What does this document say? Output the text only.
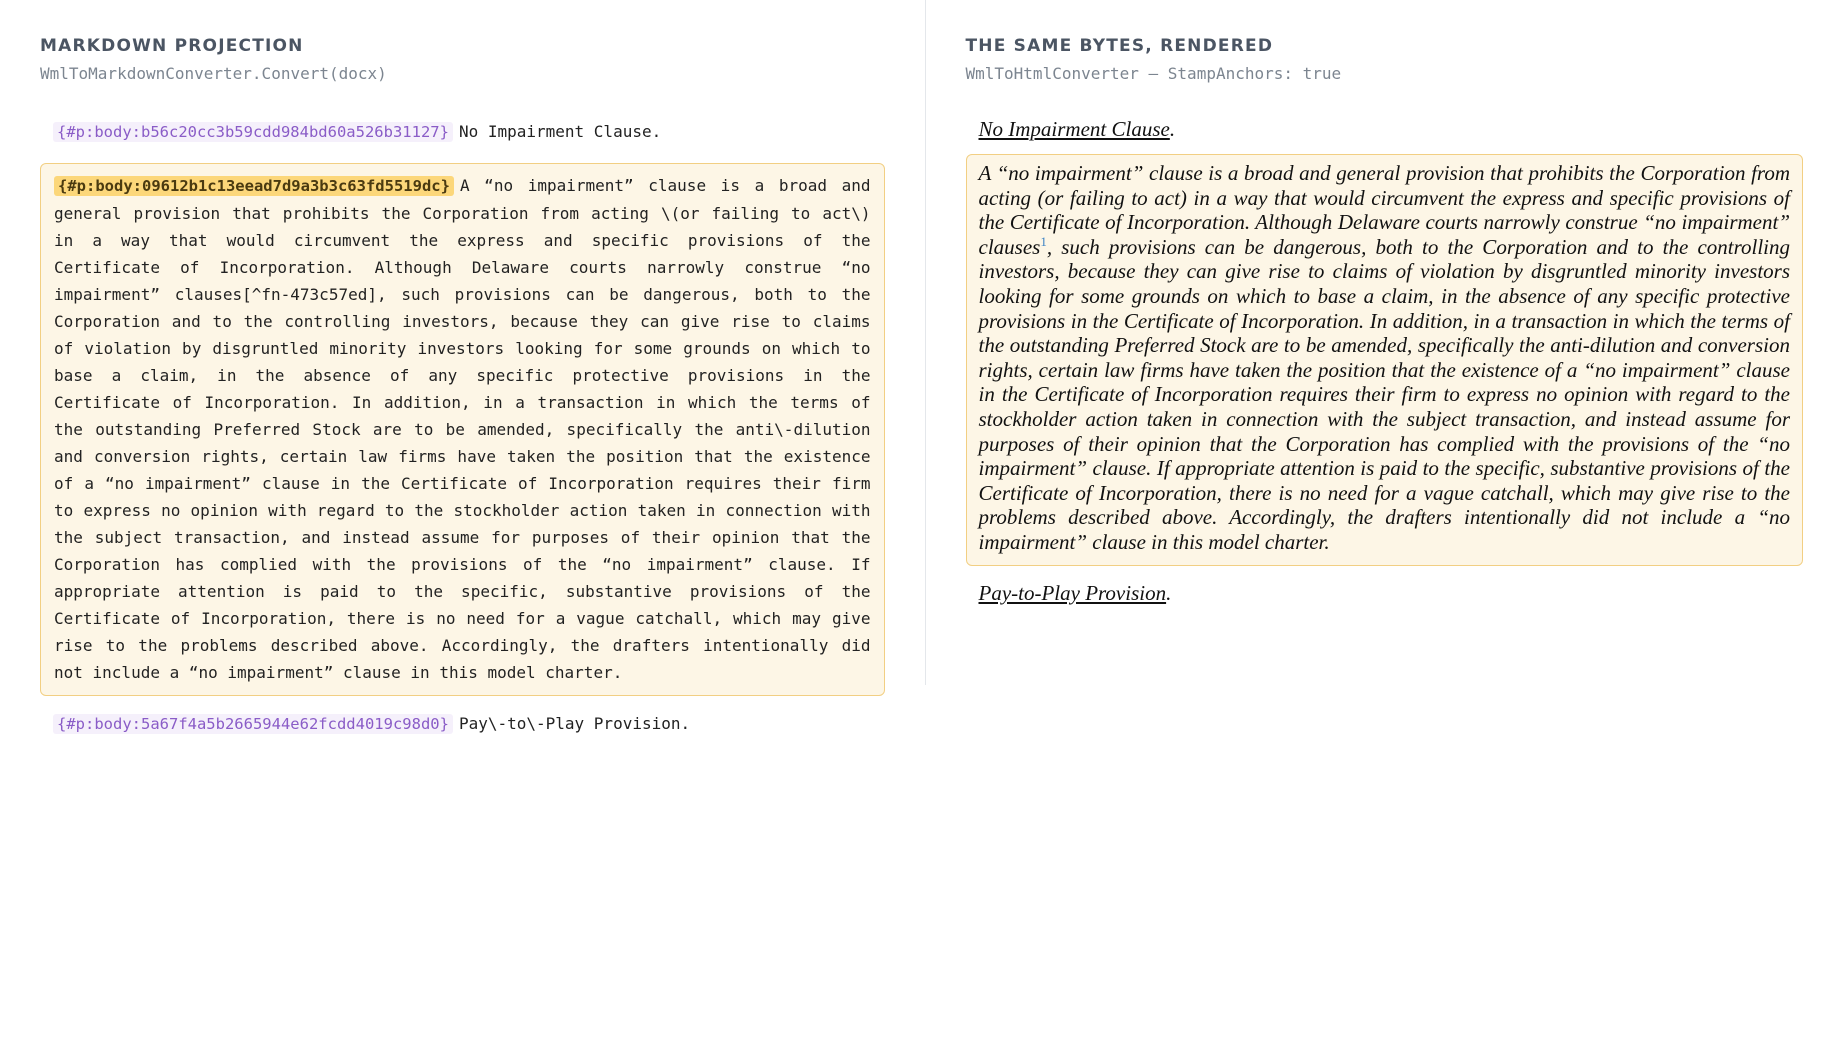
MARKDOWN PROJECTION

WmlToMarkdownConverter.Convert(docx)

{#p:body:b56c20cc3b59cdd984bd60a526b31127} No Impairment Clause.
{#p:body:09612b1c13eead7d9a3b3c63fd5519dc} A “no impairment” clause is a broad and general provision that prohibits the Corporation from acting \(or failing to act\) in a way that would circumvent the express and specific provisions of the Certificate of Incorporation. Although Delaware courts narrowly construe “no impairment” clauses[^fn-473c57ed], such provisions can be dangerous, both to the Corporation and to the controlling investors, because they can give rise to claims of violation by disgruntled minority investors looking for some grounds on which to base a claim, in the absence of any specific protective provisions in the Certificate of Incorporation. In addition, in a transaction in which the terms of the outstanding Preferred Stock are to be amended, specifically the anti\-dilution and conversion rights, certain law firms have taken the position that the existence of a “no impairment” clause in the Certificate of Incorporation requires their firm to express no opinion with regard to the stockholder action taken in connection with the subject transaction, and instead assume for purposes of their opinion that the Corporation has complied with the provisions of the “no impairment” clause. If appropriate attention is paid to the specific, substantive provisions of the Certificate of Incorporation, there is no need for a vague catchall, which may give rise to the problems described above. Accordingly, the drafters intentionally did not include a “no impairment” clause in this model charter.
{#p:body:5a67f4a5b2665944e62fcdd4019c98d0} Pay\-to\-Play Provision.
THE SAME BYTES, RENDERED

WmlToHtmlConverter — StampAnchors: true

No Impairment Clause.
A “no impairment” clause is a broad and general provision that prohibits the Corporation from acting (or failing to act) in a way that would circumvent the express and specific provisions of the Certificate of Incorporation. Although Delaware courts narrowly construe “no impairment” clauses$^1$, such provisions can be dangerous, both to the Corporation and to the controlling investors, because they can give rise to claims of violation by disgruntled minority investors looking for some grounds on which to base a claim, in the absence of any specific protective provisions in the Certificate of Incorporation. In addition, in a transaction in which the terms of the outstanding Preferred Stock are to be amended, specifically the anti-dilution and conversion rights, certain law firms have taken the position that the existence of a “no impairment” clause in the Certificate of Incorporation requires their firm to express no opinion with regard to the stockholder action taken in connection with the subject transaction, and instead assume for purposes of their opinion that the Corporation has complied with the provisions of the “no impairment” clause. If appropriate attention is paid to the specific, substantive provisions of the Certificate of Incorporation, there is no need for a vague catchall, which may give rise to the problems described above. Accordingly, the drafters intentionally did not include a “no impairment” clause in this model charter.
Pay-to-Play Provision.
